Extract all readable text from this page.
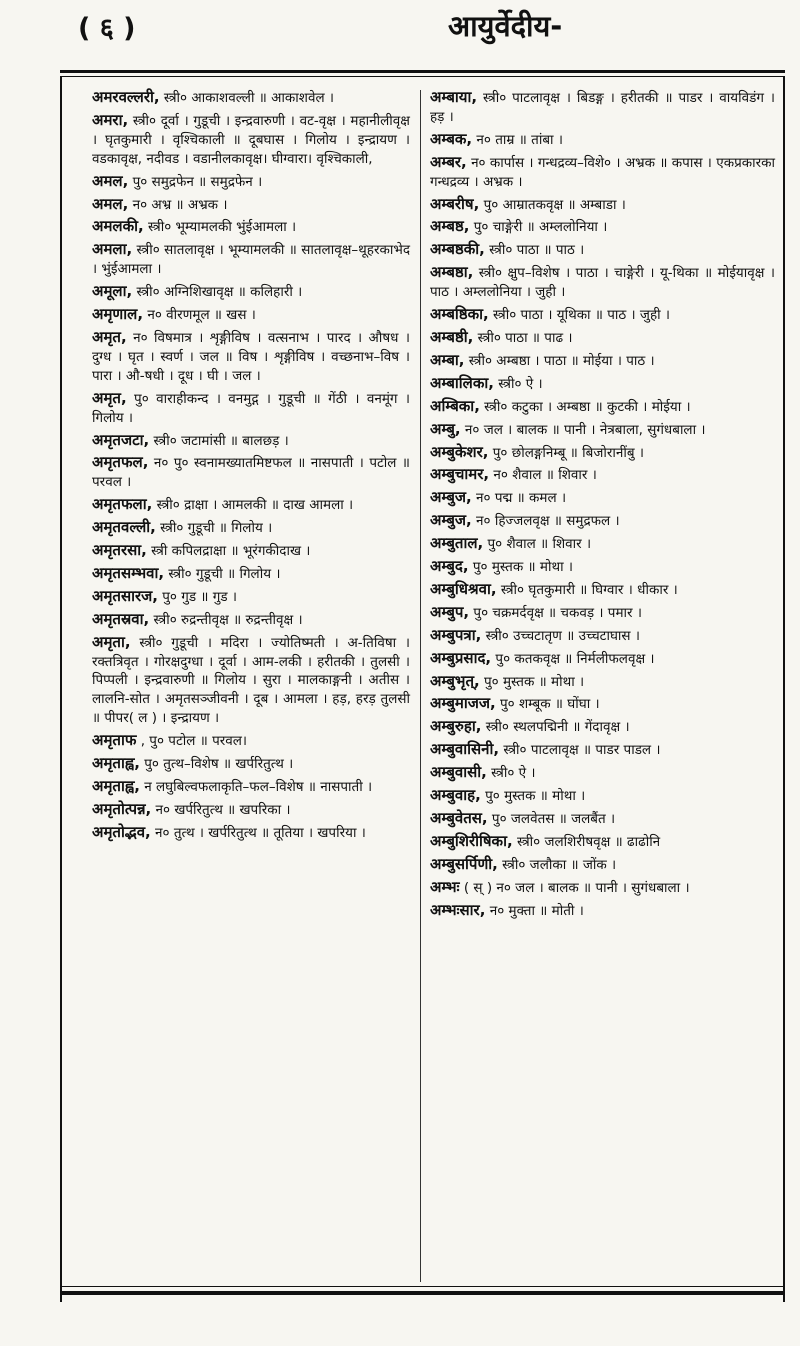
( ६ )	आयुर्वेदीय-

अमरवल्लरी, स्त्री० आकाशवल्ली ॥ आकाशवेल ।

अमरा, स्त्री० दूर्वा । गुडूची । इन्द्रवारुणी । वट-वृक्ष । महानीलीवृक्ष । घृतकुमारी । वृश्चिकाली ॥ दूबघास । गिलोय । इन्द्रायण । वडकावृक्ष, नदीवड । वडानीलकावृक्ष। घीग्वारा। वृश्चिकाली,

अमल, पु० समुद्रफेन ॥ समुद्रफेन ।

अमल, न० अभ्र ॥ अभ्रक ।

अमलकी, स्त्री० भूम्यामलकी भुंईआमला ।

अमला, स्त्री० सातलावृक्ष । भूम्यामलकी ॥ सातलावृक्ष–थूहरकाभेद । भुंईआमला ।

अमूला, स्त्री० अग्निशिखावृक्ष ॥ कलिहारी ।

अमृणाल, न० वीरणमूल ॥ खस ।

अमृत, न० विषमात्र । शृङ्गीविष । वत्सनाभ । पारद । औषध । दुग्ध । घृत । स्वर्ण । जल ॥ विष । शृङ्गीविष । वच्छनाभ–विष । पारा । औ-षधी । दूध । घी । जल ।

अमृत, पु० वाराहीकन्द । वनमुद्ग । गुडूची ॥ गेंठी । वनमूंग । गिलोय ।

अमृतजटा, स्त्री० जटामांसी ॥ बालछड़ ।

अमृतफल, न० पु० स्वनामख्यातमिष्टफल ॥ नासपाती । पटोल ॥ परवल ।

अमृतफला, स्त्री० द्राक्षा । आमलकी ॥ दाख आमला ।

अमृतवल्ली, स्त्री० गुडूची ॥ गिलोय ।

अमृतरसा, स्त्री कपिलद्राक्षा ॥ भूरंगकीदाख ।

अमृतसम्भवा, स्त्री० गुडूची ॥ गिलोय ।

अमृतसारज, पु० गुड ॥ गुड ।

अमृतस्रवा, स्त्री० रुद्रन्तीवृक्ष ॥ रुद्रन्तीवृक्ष ।

अमृता, स्त्री० गुडूची । मदिरा । ज्योतिष्मती । अ-तिविषा । रक्तत्रिवृत । गोरक्षदुग्धा । दूर्वा । आम-लकी । हरीतकी । तुलसी । पिप्पली । इन्द्रवारुणी ॥ गिलोय । सुरा । मालकाङ्गनी । अतीस । लालनि-सोत । अमृतसञ्जीवनी । दूब । आमला । हड़, हरड़ तुलसी ॥ पीपर( ल ) । इन्द्रायण ।

अमृताफ , पु० पटोल ॥ परवल।

अमृताह्व, पु० तुत्थ–विशेष ॥ खर्परितुत्थ ।

अमृताह्व, न लघुबिल्वफलाकृति–फल–विशेष ॥ नासपाती ।

अमृतोत्पन्न, न० खर्परितुत्थ ॥ खपरिका ।

अमृतोद्भव, न० तुत्थ । खर्परितुत्थ ॥ तूतिया । खपरिया ।

अम्बाया, स्त्री० पाटलावृक्ष । बिडङ्ग । हरीतकी ॥ पाडर । वायविडंग । हड़ ।

अम्बक, न० ताम्र ॥ तांबा ।

अम्बर, न० कार्पास । गन्धद्रव्य–विशे० । अभ्रक ॥ कपास । एकप्रकारका गन्धद्रव्य । अभ्रक ।

अम्बरीष, पु० आम्रातकवृक्ष ॥ अम्बाडा ।

अम्बष्ठ, पु० चाङ्गेरी ॥ अम्ललोनिया ।

अम्बष्ठकी, स्त्री० पाठा ॥ पाठ ।

अम्बष्ठा, स्त्री० क्षुप–विशेष । पाठा । चाङ्गेरी । यू-थिका ॥ मोईयावृक्ष । पाठ । अम्ललोनिया । जुही ।

अम्बष्ठिका, स्त्री० पाठा । यूथिका ॥ पाठ । जुही ।

अम्बष्ठी, स्त्री० पाठा ॥ पाढ ।

अम्बा, स्त्री० अम्बष्ठा । पाठा ॥ मोईया । पाठ ।

अम्बालिका, स्त्री० ऐ ।

अम्बिका, स्त्री० कटुका । अम्बष्ठा ॥ कुटकी । मोईया ।

अम्बु, न० जल । बालक ॥ पानी । नेत्रबाला, सुगंधबाला ।

अम्बुकेशर, पु० छोलङ्गनिम्बू ॥ बिजोरानींबु ।

अम्बुचामर, न० शैवाल ॥ शिवार ।

अम्बुज, न० पद्म ॥ कमल ।

अम्बुज, न० हिज्जलवृक्ष ॥ समुद्रफल ।

अम्बुताल, पु० शैवाल ॥ शिवार ।

अम्बुद, पु० मुस्तक ॥ मोथा ।

अम्बुधिश्रवा, स्त्री० घृतकुमारी ॥ घिग्वार । धीकार ।

अम्बुप, पु० चक्रमर्दवृक्ष ॥ चकवड़ । पमार ।

अम्बुपत्रा, स्त्री० उच्चटातृण ॥ उच्चटाघास ।

अम्बुप्रसाद, पु० कतकवृक्ष ॥ निर्मलीफलवृक्ष ।

अम्बुभृत्, पु० मुस्तक ॥ मोथा ।

अम्बुमाजज, पु० शम्बूक ॥ घोंघा ।

अम्बुरुहा, स्त्री० स्थलपद्मिनी ॥ गेंदावृक्ष ।

अम्बुवासिनी, स्त्री० पाटलावृक्ष ॥ पाडर पाडल ।

अम्बुवासी, स्त्री० ऐ ।

अम्बुवाह, पु० मुस्तक ॥ मोथा ।

अम्बुवेतस, पु० जलवेतस ॥ जलबैंत ।

अम्बुशिरीषिका, स्त्री० जलशिरीषवृक्ष ॥ ढाढोनि

अम्बुसर्पिणी, स्त्री० जलौका ॥ जोंक ।

अम्भः ( स् ) न० जल । बालक ॥ पानी । सुगंधबाला ।

अम्भःसार, न० मुक्ता ॥ मोती ।
